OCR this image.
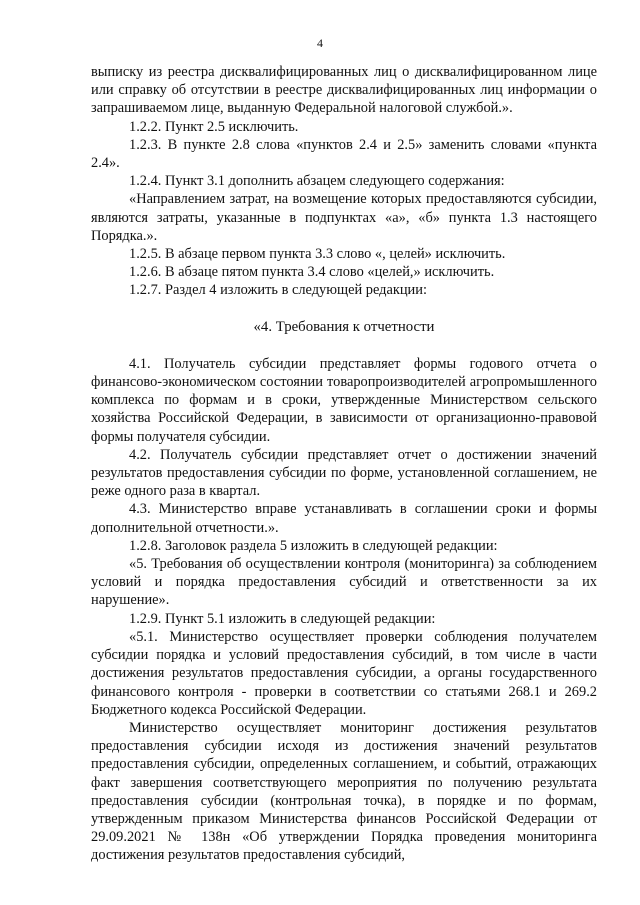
4

выписку из реестра дисквалифицированных лиц о дисквалифицированном лице или справку об отсутствии в реестре дисквалифицированных лиц информации о запрашиваемом лице, выданную Федеральной налоговой службой.».

1.2.2. Пункт 2.5 исключить.

1.2.3. В пункте 2.8 слова «пунктов 2.4 и 2.5» заменить словами «пункта 2.4».

1.2.4. Пункт 3.1 дополнить абзацем следующего содержания:

«Направлением затрат, на возмещение которых предоставляются субсидии, являются затраты, указанные в подпунктах «а», «б» пункта 1.3 настоящего Порядка.».

1.2.5. В абзаце первом пункта 3.3 слово «, целей» исключить.

1.2.6. В абзаце пятом пункта 3.4 слово «целей,» исключить.

1.2.7. Раздел 4 изложить в следующей редакции:

«4. Требования к отчетности

4.1. Получатель субсидии представляет формы годового отчета о финансово-экономическом состоянии товаропроизводителей агропромышленного комплекса по формам и в сроки, утвержденные Министерством сельского хозяйства Российской Федерации, в зависимости от организационно-правовой формы получателя субсидии.

4.2. Получатель субсидии представляет отчет о достижении значений результатов предоставления субсидии по форме, установленной соглашением, не реже одного раза в квартал.

4.3. Министерство вправе устанавливать в соглашении сроки и формы дополнительной отчетности.».

1.2.8. Заголовок раздела 5 изложить в следующей редакции:

«5. Требования об осуществлении контроля (мониторинга) за соблюдением условий и порядка предоставления субсидий и ответственности за их нарушение».

1.2.9. Пункт 5.1 изложить в следующей редакции:

«5.1. Министерство осуществляет проверки соблюдения получателем субсидии порядка и условий предоставления субсидий, в том числе в части достижения результатов предоставления субсидии, а органы государственного финансового контроля - проверки в соответствии со статьями 268.1 и 269.2 Бюджетного кодекса Российской Федерации.

Министерство осуществляет мониторинг достижения результатов предоставления субсидии исходя из достижения значений результатов предоставления субсидии, определенных соглашением, и событий, отражающих факт завершения соответствующего мероприятия по получению результата предоставления субсидии (контрольная точка), в порядке и по формам, утвержденным приказом Министерства финансов Российской Федерации от 29.09.2021 № 138н «Об утверждении Порядка проведения мониторинга достижения результатов предоставления субсидий,
